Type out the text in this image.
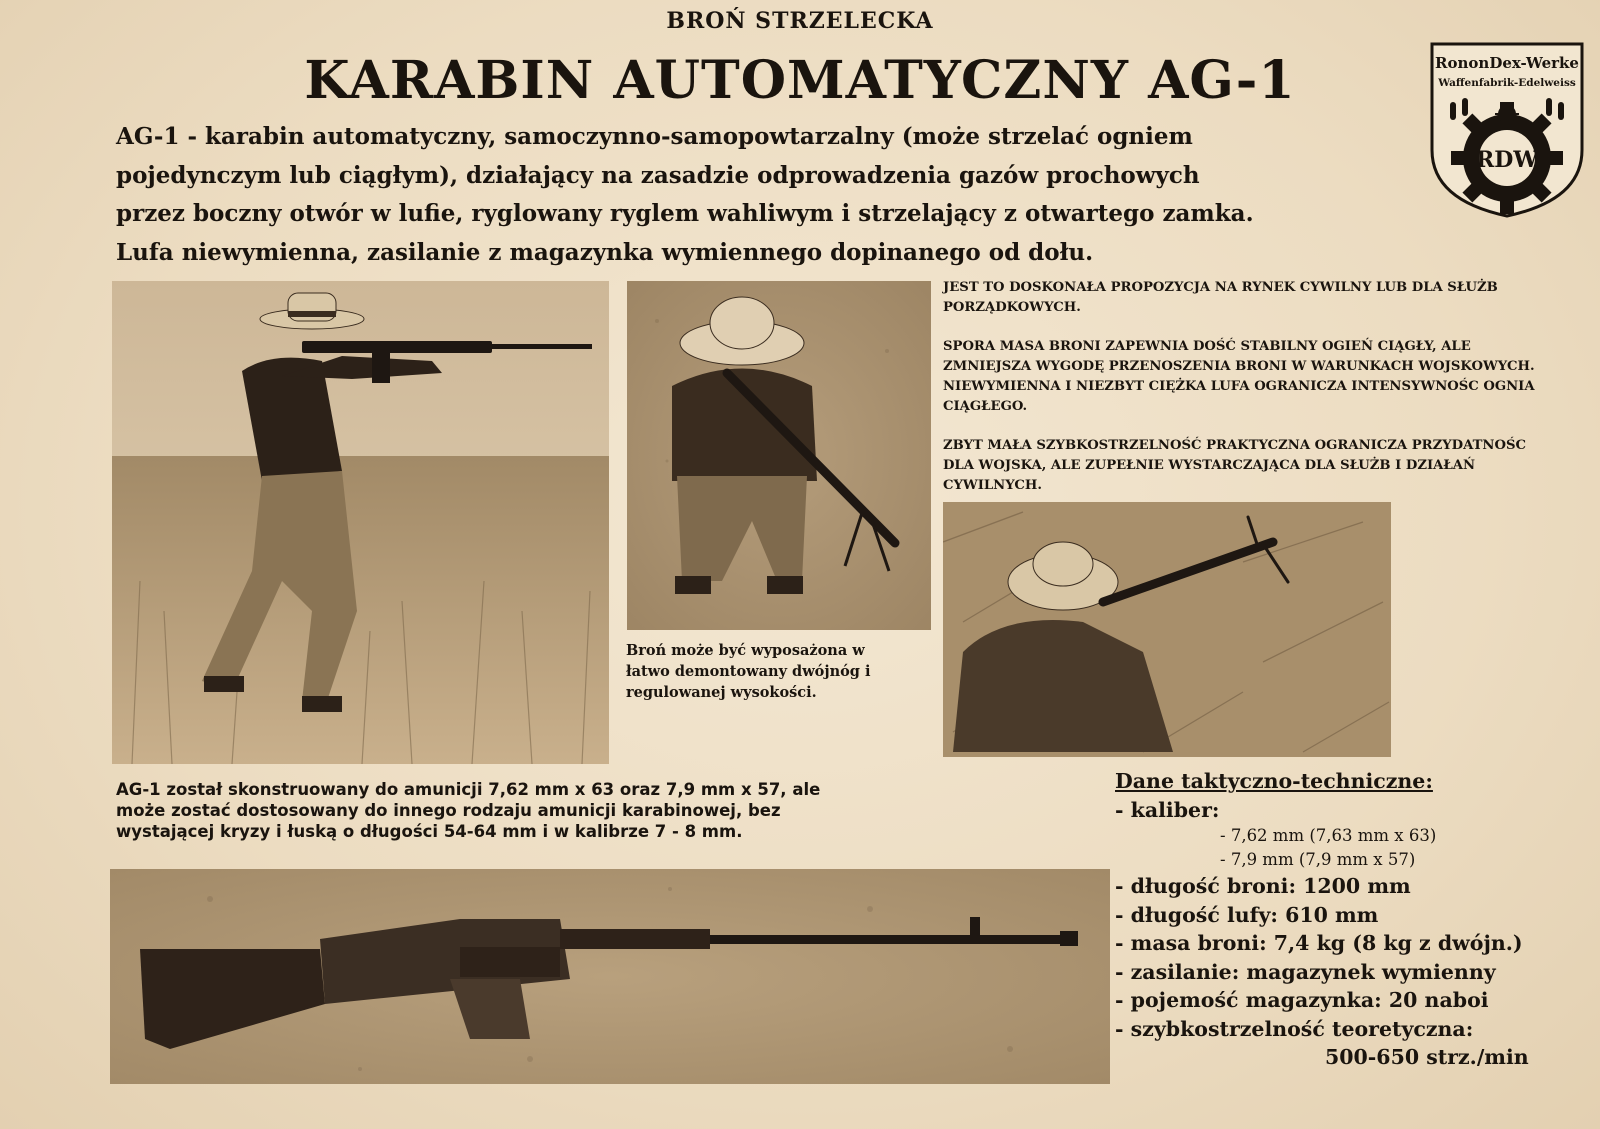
BROŃ STRZELECKA
KARABIN AUTOMATYCZNY AG-1	RononDex-Werke
Waffenfabrik-Edelweiss
RDW
AG-1 - karabin automatyczny, samoczynno-samopowtarzalny (może strzelać ogniem
pojedynczym lub ciągłym), działający na zasadzie odprowadzenia gazów prochowych
przez boczny otwór w lufie, ryglowany ryglem wahliwym i strzelający z otwartego zamka.
Lufa niewymienna, zasilanie z magazynka wymiennego dopinanego od dołu.
Broń może być wyposażona w
łatwo demontowany dwójnóg i
regulowanej wysokości.

JEST TO DOSKONAŁA PROPOZYCJA NA RYNEK CYWILNY LUB DLA SŁUŻB PORZĄDKOWYCH.

SPORA MASA BRONI ZAPEWNIA DOŚĆ STABILNY OGIEŃ CIĄGŁY, ALE ZMNIEJSZA WYGODĘ PRZENOSZENIA BRONI W WARUNKACH WOJSKOWYCH. NIEWYMIENNA I NIEZBYT CIĘŻKA LUFA OGRANICZA INTENSYWNOŚC OGNIA CIĄGŁEGO.

ZBYT MAŁA SZYBKOSTRZELNOŚĆ PRAKTYCZNA OGRANICZA PRZYDATNOŚC DLA WOJSKA, ALE ZUPEŁNIE WYSTARCZAJĄCA DLA SŁUŻB I DZIAŁAŃ CYWILNYCH.

AG-1 został skonstruowany do amunicji 7,62 mm x 63 oraz 7,9 mm x 57, ale
może zostać dostosowany do innego rodzaju amunicji karabinowej, bez
wystającej kryzy i łuską o długości 54-64 mm i w kalibrze 7 - 8 mm.
Dane taktyczno-techniczne:
- kaliber:
- 7,62 mm (7,63 mm x 63)
- 7,9 mm (7,9 mm x 57)
- długość broni: 1200 mm
- długość lufy: 610 mm
- masa broni: 7,4 kg (8 kg z dwójn.)
- zasilanie: magazynek wymienny
- pojemość magazynka: 20 naboi
- szybkostrzelność teoretyczna:
500-650 strz./min
